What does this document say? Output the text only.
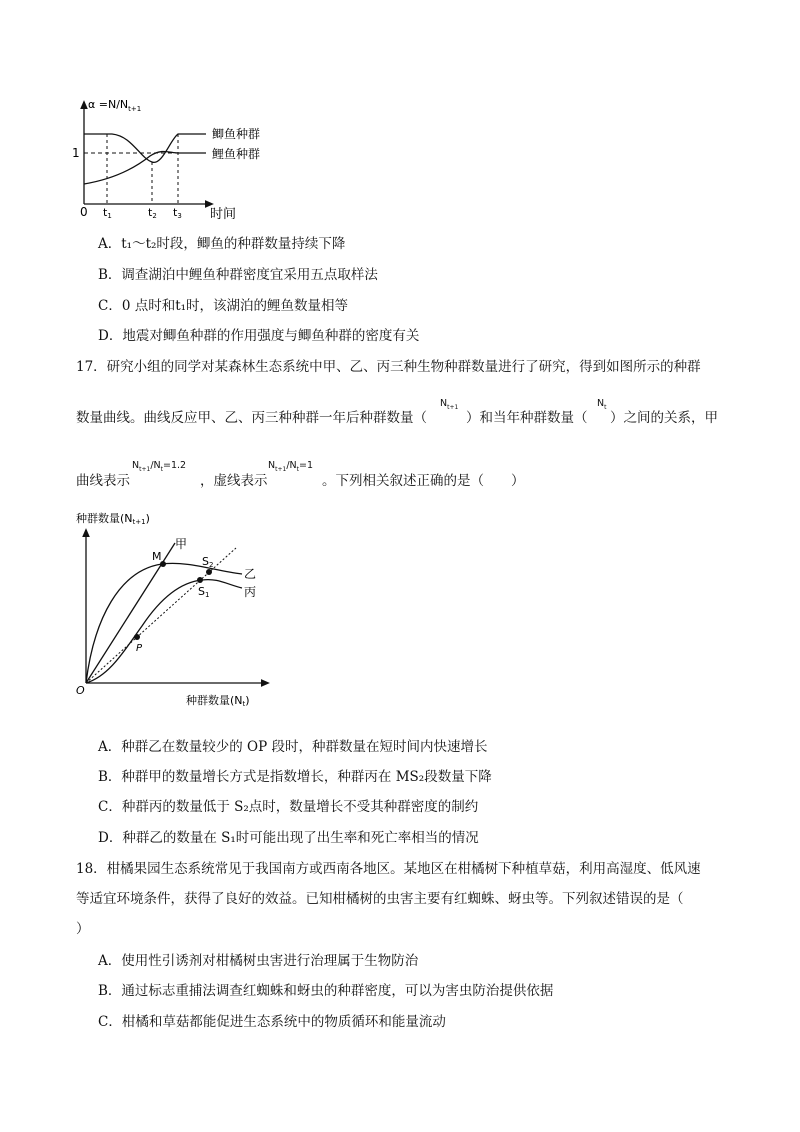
$\alpha =N/N_{t+1}$
1
0 t1	t2 t3 时间
鲫鱼种群
鲤鱼种群
A．t₁～t₂时段，鲫鱼的种群数量持续下降
B．调查湖泊中鲤鱼种群密度宜采用五点取样法
C．0 点时和t₁时，该湖泊的鲤鱼数量相等
D．地震对鲫鱼种群的作用强度与鲫鱼种群的密度有关
17．研究小组的同学对某森林生态系统中甲、乙、丙三种生物种群数量进行了研究，得到如图所示的种群
数量曲线。曲线反应甲、乙、丙三种种群一年后种群数量（
$N_{t+1}$
）和当年种群数量（
$N_t$
）之间的关系，甲
曲线表示
$N_{t+1}/N_t=1.2$
，虚线表示
$N_{t+1}/N_t=1$
。下列相关叙述正确的是（　　）
种群数量(Nt+1)
O
种群数量(Nt)
甲
乙
丙
M	S2
S1
P
A．种群乙在数量较少的 OP 段时，种群数量在短时间内快速增长
B．种群甲的数量增长方式是指数增长，种群丙在 MS₂段数量下降
C．种群丙的数量低于 S₂点时，数量增长不受其种群密度的制约
D．种群乙的数量在 S₁时可能出现了出生率和死亡率相当的情况
18．柑橘果园生态系统常见于我国南方或西南各地区。某地区在柑橘树下种植草菇，利用高湿度、低风速
等适宜环境条件，获得了良好的效益。已知柑橘树的虫害主要有红蜘蛛、蚜虫等。下列叙述错误的是（
）
A．使用性引诱剂对柑橘树虫害进行治理属于生物防治
B．通过标志重捕法调查红蜘蛛和蚜虫的种群密度，可以为害虫防治提供依据
C．柑橘和草菇都能促进生态系统中的物质循环和能量流动
